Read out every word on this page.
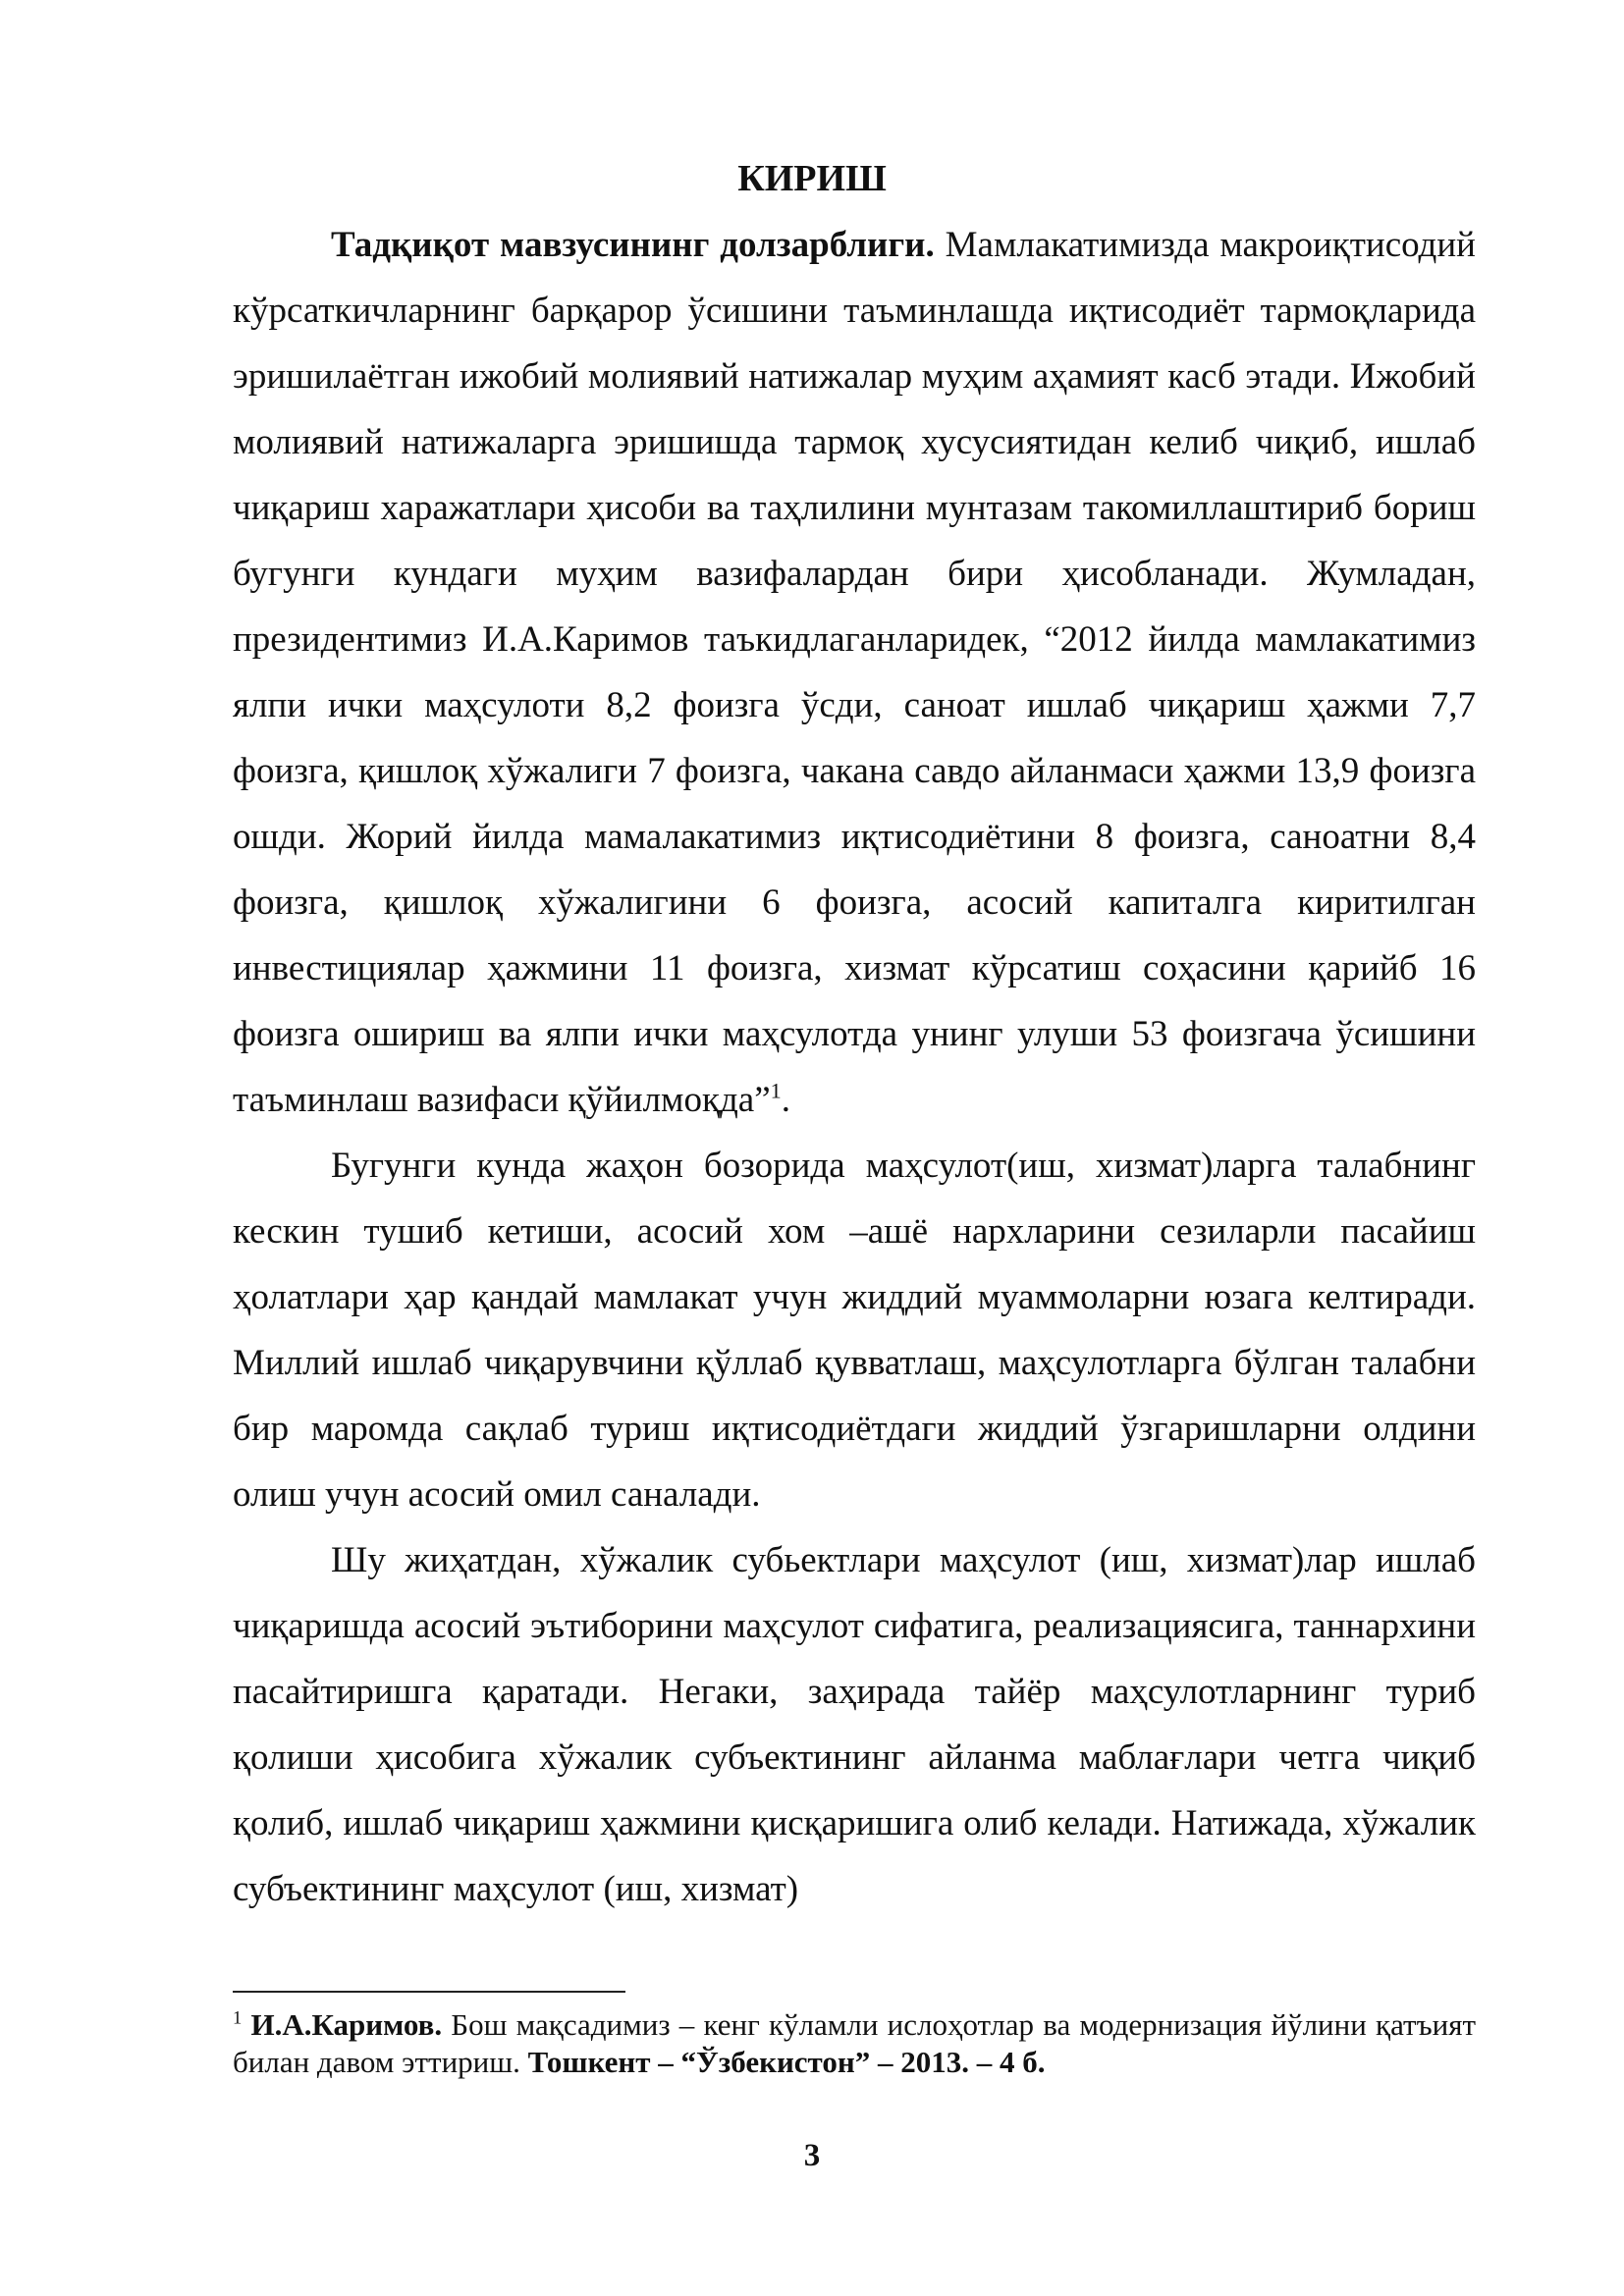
КИРИШ

Тадқиқот мавзусининг долзарблиги. Мамлакатимизда макроиқтисодий кўрсаткичларнинг барқарор ўсишини таъминлашда иқтисодиёт тармоқларида эришилаётган ижобий молиявий натижалар муҳим аҳамият касб этади. Ижобий молиявий натижаларга эришишда тармоқ хусусиятидан келиб чиқиб, ишлаб чиқариш харажатлари ҳисоби ва таҳлилини мунтазам такомиллаштириб бориш бугунги кундаги муҳим вазифалардан бири ҳисобланади. Жумладан, президентимиз И.А.Каримов таъкидлаганларидек, “2012 йилда мамлакатимиз ялпи ички маҳсулоти 8,2 фоизга ўсди, саноат ишлаб чиқариш ҳажми 7,7 фоизга, қишлоқ хўжалиги 7 фоизга, чакана савдо айланмаси ҳажми 13,9 фоизга ошди. Жорий йилда мамалакатимиз иқтисодиётини 8 фоизга, саноатни 8,4 фоизга, қишлоқ хўжалигини 6 фоизга, асосий капиталга киритилган инвестициялар ҳажмини 11 фоизга, хизмат кўрсатиш соҳасини қарийб 16 фоизга ошириш ва ялпи ички маҳсулотда унинг улуши 53 фоизгача ўсишини таъминлаш вазифаси қўйилмоқда”$^1$.

Бугунги кунда жаҳон бозорида маҳсулот(иш, хизмат)ларга талабнинг кескин тушиб кетиши, асосий хом –ашё нархларини сезиларли пасайиш ҳолатлари ҳар қандай мамлакат учун жиддий муаммоларни юзага келтиради. Миллий ишлаб чиқарувчини қўллаб қувватлаш, маҳсулотларга бўлган талабни бир маромда сақлаб туриш иқтисодиётдаги жиддий ўзгаришларни олдини олиш учун асосий омил саналади.

Шу жиҳатдан, хўжалик субьектлари маҳсулот (иш, хизмат)лар ишлаб чиқаришда асосий эътиборини маҳсулот сифатига, реализациясига, таннархини пасайтиришга қаратади. Негаки, заҳирада тайёр маҳсулотларнинг туриб қолиши ҳисобига хўжалик субъектининг айланма маблағлари четга чиқиб қолиб, ишлаб чиқариш ҳажмини қисқаришига олиб келади. Натижада, хўжалик субъектининг маҳсулот (иш, хизмат)

$^1$ И.А.Каримов. Бош мақсадимиз – кенг кўламли ислоҳотлар ва модернизация йўлини қатъият билан давом эттириш. Тошкент – “Ўзбекистон” – 2013. – 4 б.
3
